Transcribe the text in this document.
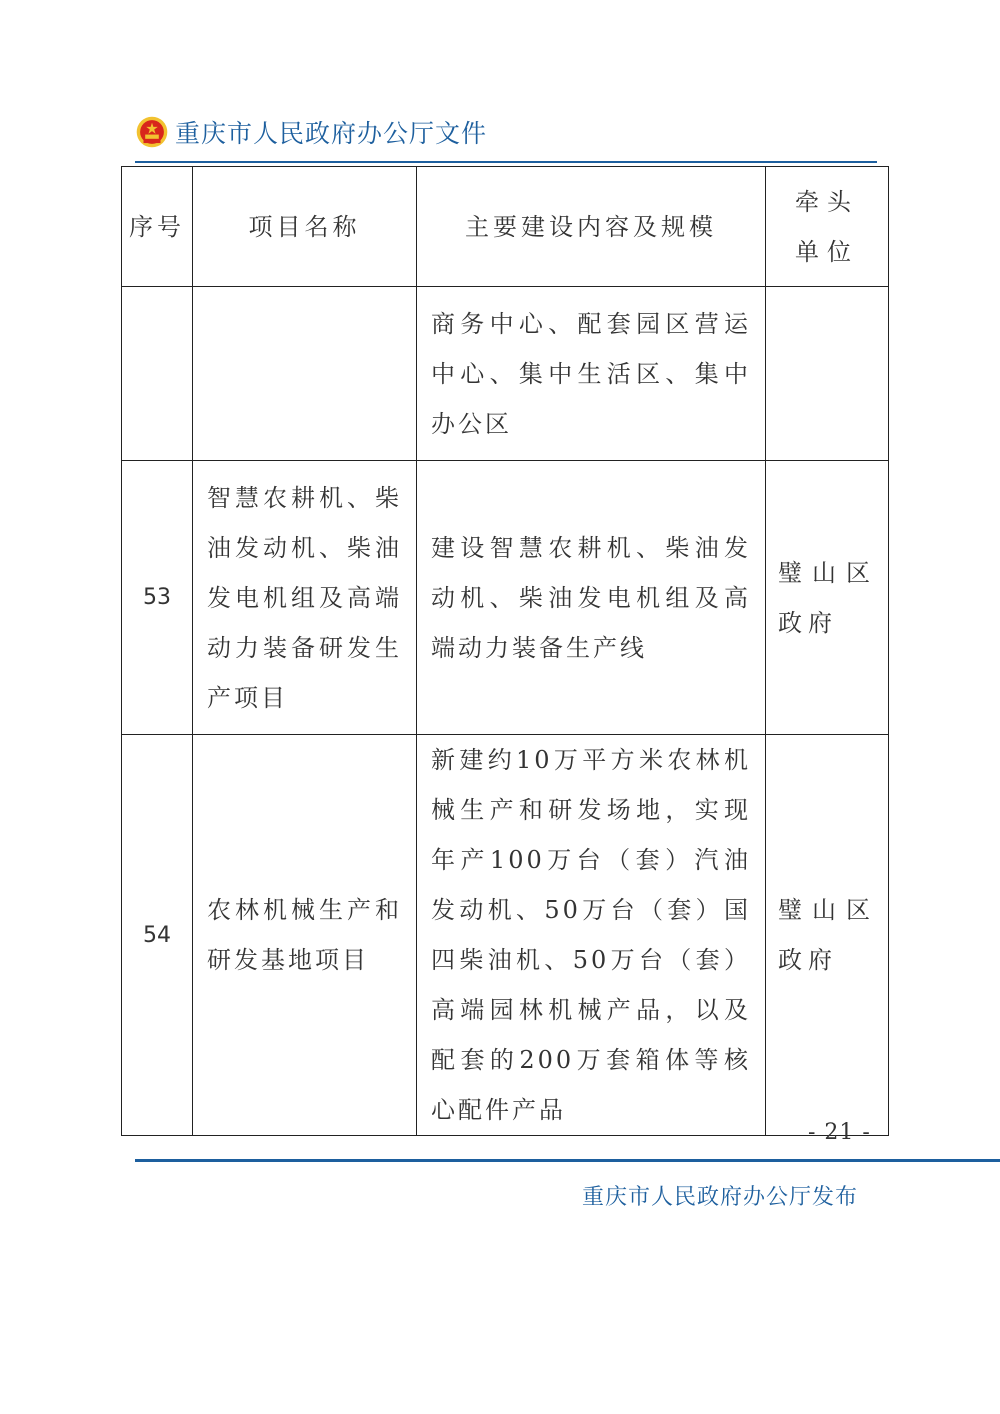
重庆市人民政府办公厅文件
序号	项目名称	主要建设内容及规模	牵头单位
		商务中心、配套园区营运中心、集中生活区、集中办公区	
53	智慧农耕机、柴油发动机、柴油发电机组及高端动力装备研发生产项目	建设智慧农耕机、柴油发动机、柴油发电机组及高端动力装备生产线	璧山区政府
54	农林机械生产和研发基地项目	新建约10万平方米农林机械生产和研发场地，实现年产100万台（套）汽油发动机、50万台（套）国四柴油机、50万台（套）高端园林机械产品，以及配套的200万套箱体等核心配件产品	璧山区政府
- 21 -
重庆市人民政府办公厅发布
